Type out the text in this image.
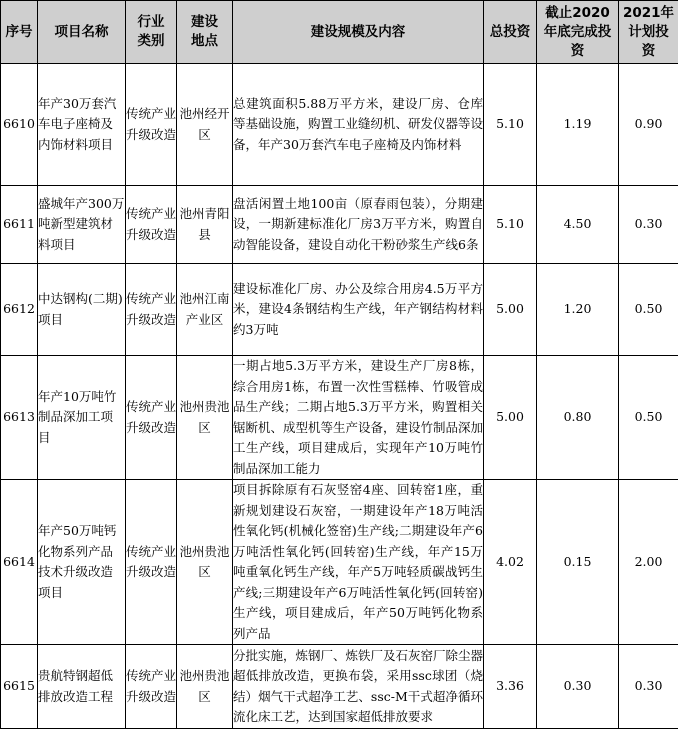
序号	项目名称	行业类别	建设地点	建设规模及内容	总投资	截止2020年底完成投资	2021年计划投资	
6610	年产30万套汽车电子座椅及内饰材料项目	传统产业升级改造	池州经开区	总建筑面积5.88万平方米，建设厂房、仓库等基础设施，购置工业缝纫机、研发仪器等设备，年产30万套汽车电子座椅及内饰材料	5.10	1.19	0.90	
6611	盛城年产300万吨新型建筑材料项目	传统产业升级改造	池州青阳县	盘活闲置土地100亩（原春雨包装），分期建设，一期新建标准化厂房3万平方米，购置自动智能设备，建设自动化干粉砂浆生产线6条	5.10	4.50	0.30	
6612	中达钢构(二期)项目	传统产业升级改造	池州江南产业区	建设标准化厂房、办公及综合用房4.5万平方米，建设4条钢结构生产线，年产钢结构材料约3万吨	5.00	1.20	0.50	
6613	年产10万吨竹制品深加工项目	传统产业升级改造	池州贵池区	一期占地5.3万平方米，建设生产厂房8栋，综合用房1栋，布置一次性雪糕棒、竹吸管成品生产线；二期占地5.3万平方米，购置相关锯断机、成型机等生产设备，建设竹制品深加工生产线，项目建成后，实现年产10万吨竹制品深加工能力	5.00	0.80	0.50	
6614	年产50万吨钙化物系列产品技术升级改造项目	传统产业升级改造	池州贵池区	项目拆除原有石灰竖窑4座、回转窑1座，重新规划建设石灰窑，一期建设年产18万吨活性氧化钙(机械化签窑)生产线;二期建设年产6万吨活性氧化钙(回转窑)生产线，年产15万吨重氧化钙生产线，年产5万吨轻质碳战钙生产线;三期建设年产6万吨活性氧化钙(回转窑)生产线，项目建成后，年产50万吨钙化物系列产品	4.02	0.15	2.00	
6615	贵航特钢超低排放改造工程	传统产业升级改造	池州贵池区	分批实施，炼钢厂、炼铁厂及石灰窑厂除尘器超低排放改造，更换布袋，采用ssc球团（烧结）烟气干式超净工艺、ssc-M干式超净循环流化床工艺，达到国家超低排放要求	3.36	0.30	0.30	
